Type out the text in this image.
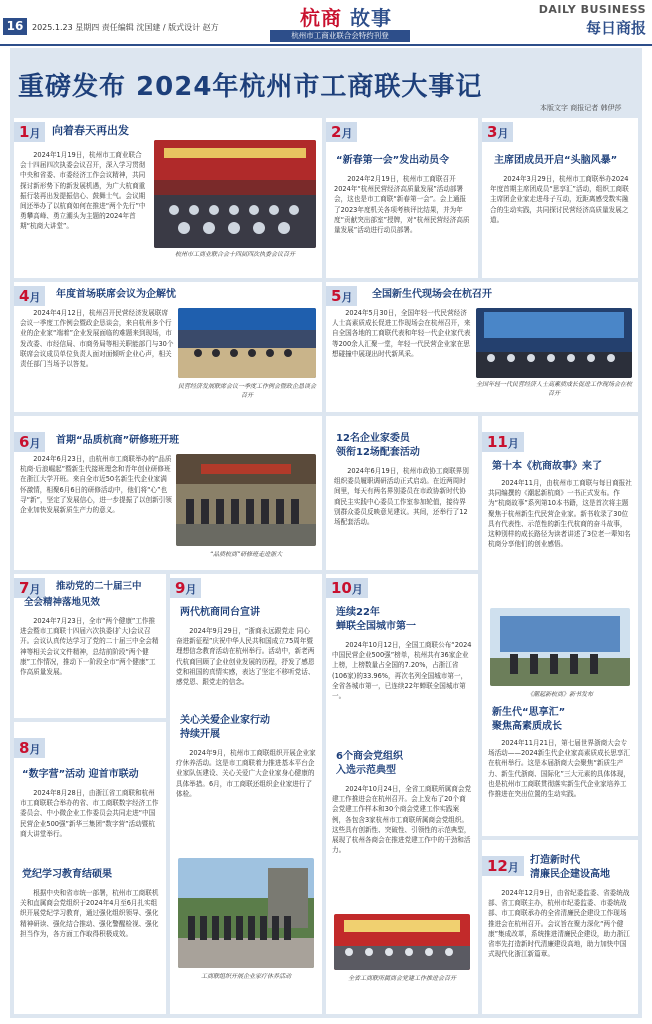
16	2025.1.23 星期四 责任编辑 沈国建 / 版式设计 赵方	杭商 故事
杭州市工商业联合会特约刊登
DAILY BUSINESS
每日商报
重磅发布 2024年杭州市工商联大事记
本版文字 商报记者 韩伊莎
1月	向着春天再出发
2024年1月19日，杭州市工商业联合会十四届四次执委会议召开，深入学习贯彻中央和省委、市委经济工作会议精神，共同探讨新形势下的新发展机遇，为广大杭商重振行装再出发提振信心、鼓舞士气。会议期间还举办了以杭商如何在推进“两个先行”中勇攀高峰、勇立潮头为主题的2024年首期“杭商大讲堂”。
杭州市工商业联合会十四届四次执委会议召开
2月
“新春第一会”发出动员令
2024年2月19日，杭州市工商联召开2024年“杭州民营经济高质量发展”活动部署会，这也是市工商联“新春第一会”。会上通报了2023年度机关各项考核评比结果，并为年度“贡献突出部室”授牌，对“杭州民营经济高质量发展”活动进行动员部署。
3月
主席团成员开启“头脑风暴”
2024年3月29日，杭州市工商联举办2024年度首期主席团成员“思享汇”活动，组织工商联主席团企业家走进母子互动，近距离感受数实融合的生动实践，共同探讨民营经济高质量发展之道。
4月	年度首场联席会议为企解忧
2024年4月12日，杭州召开民营经济发展联席会议一季度工作例会暨政企恳谈会，来自杭州多个行业的企业家“端着”企业发展面临的难题来到现场，市发改委、市经信局、市商务局等相关职能部门与30个联席会议成员单位负责人面对面倾听企业心声，相关责任部门当场予以答复。
民营经济发展联席会议一季度工作例会暨政企恳谈会召开
5月	全国新生代现场会在杭召开
2024年5月30日，全国年轻一代民营经济人士高素质成长促进工作现场会在杭州召开，来自全国各地的工商联代表和年轻一代企业家代表等200余人汇聚一堂，年轻一代民营企业家在思想碰撞中展现出时代新风采。
全国年轻一代民营经济人士高素质成长促进工作现场会在杭召开
6月	首期“品质杭商”研修班开班
2024年6月23日，由杭州市工商联举办的“品质杭商·后浪崛起”暨新生代接班理念和青年创业研修班在浙江大学开班。来自全市近50名新生代企业家满怀激情，相聚6月6日的研修活动中，他们将“心”也寻“新”，坚定了发展信心，进一步提振了以创新引领企业加快发展新质生产力的意义。
“品质杭商”研修班走进浙大
12名企业家委员
领衔12场配套活动
2024年6月19日，杭州市政协工商联界别组织委员履职调研活动正式启动。在近两周时间里，每天有两名界别委员在市政协新时代协商民主实践中心委员工作室参加轮值，接待界别群众委员反映意见建议。其间，还举行了12场配套活动。
7月	推动党的二十届三中
全会精神落地见效
2024年7月23日，全市“两个健康”工作推进会暨市工商联十四届六次执委(扩大)会议召开。会议认真传达学习了党的二十届三中全会精神等相关会议文件精神，总结前阶段“两个健康”工作情况，推动下一阶段全市“两个健康”工作高质量发展。
8月
“数字营”活动 迎首市联动
2024年8月28日，由浙江省工商联和杭州市工商联联合举办的省、市工商联数字经济工作委员会、中小微企业工作委员会共同走进“中国民营企业500强”新华三集团“数字营”活动暨杭商大讲堂举行。
党纪学习教育结硕果
根据中央和省市统一部署，杭州市工商联机关和直属商会党组织于2024年4月至6月扎实组织开展党纪学习教育，通过强化组织领导、强化精神研读、强化结合推动、强化警醒检视、强化担当作为，各方面工作取得积极成效。
9月
两代杭商同台宣讲
2024年9月29日，“浙商永远跟党走 同心奋进新征程”庆祝中华人民共和国成立75周年暨理想信念教育活动在杭州举行。活动中，新老两代杭商回顾了企业创业发展的历程，抒发了感恩党和祖国的真情实感，表达了坚定不移听党话、感党恩、跟党走的信念。
关心关爱企业家行动
持续开展
2024年9月，杭州市工商联组织开展企业家疗休养活动。这是市工商联着力推进基本平台企业家队伍建设、关心关爱广大企业家身心健康的具体举措。6月，市工商联还组织企业家进行了体检。
工商联组织开展企业家疗休养活动
10月
连续22年
蝉联全国城市第一
2024年10月12日，全国工商联公布“2024中国民营企业500强”榜单，杭州共有36家企业上榜，上榜数量占全国的7.20%，占浙江省(106家)的33.96%，再次名列全国城市第一，全省各城市第一，已连续22年蝉联全国城市第一。
6个商会党组织
入选示范典型
2024年10月24日，全省工商联所属商会党建工作推进会在杭州召开。会上发布了20个商会党建工作样本和30个商会党建工作实践案例，各包含3家杭州市工商联所属商会党组织。这些具有创新性、突破性、引领性的示范典型，展现了杭州各商会在推进党建工作中的干劲和活力。
全省工商联所属商会党建工作推进会召开
11月
第十本《杭商故事》来了
2024年11月，由杭州市工商联与每日商报社共同编撰的《潮起新杭商》一书正式发布。作为“杭商故事”系列第10本书籍，这是首次将主题聚焦于杭州新生代民营企业家。新书收录了30位具有代表性、示范性的新生代杭商的奋斗故事，这种别样的成长路径为读者讲述了3位老一辈知名杭商分享他们的创业感悟。
《潮起新杭商》新书发布
新生代“思享汇”
聚焦高素质成长
2024年11月21日，第七届世界浙商大会专场活动——2024新生代企业家高素质成长思享汇在杭州举行。这是本届浙商大会聚焦“新质生产力、新生代浙商、国际化”三大元素的具体体现，也是杭州市工商联贯彻落实新生代企业家培养工作推进在突出位置的生动实践。
12月
打造新时代
清廉民企建设高地
2024年12月9日，由省纪委监委、省委统战部、省工商联主办，杭州市纪委监委、市委统战部、市工商联承办的全省清廉民企建设工作现场推进会在杭州召开。会议旨在聚力深化“两个健康”集成改革，系统推进清廉民企建设，助力浙江省率先打造新时代清廉建设高地，助力加快中国式现代化浙江新篇章。
